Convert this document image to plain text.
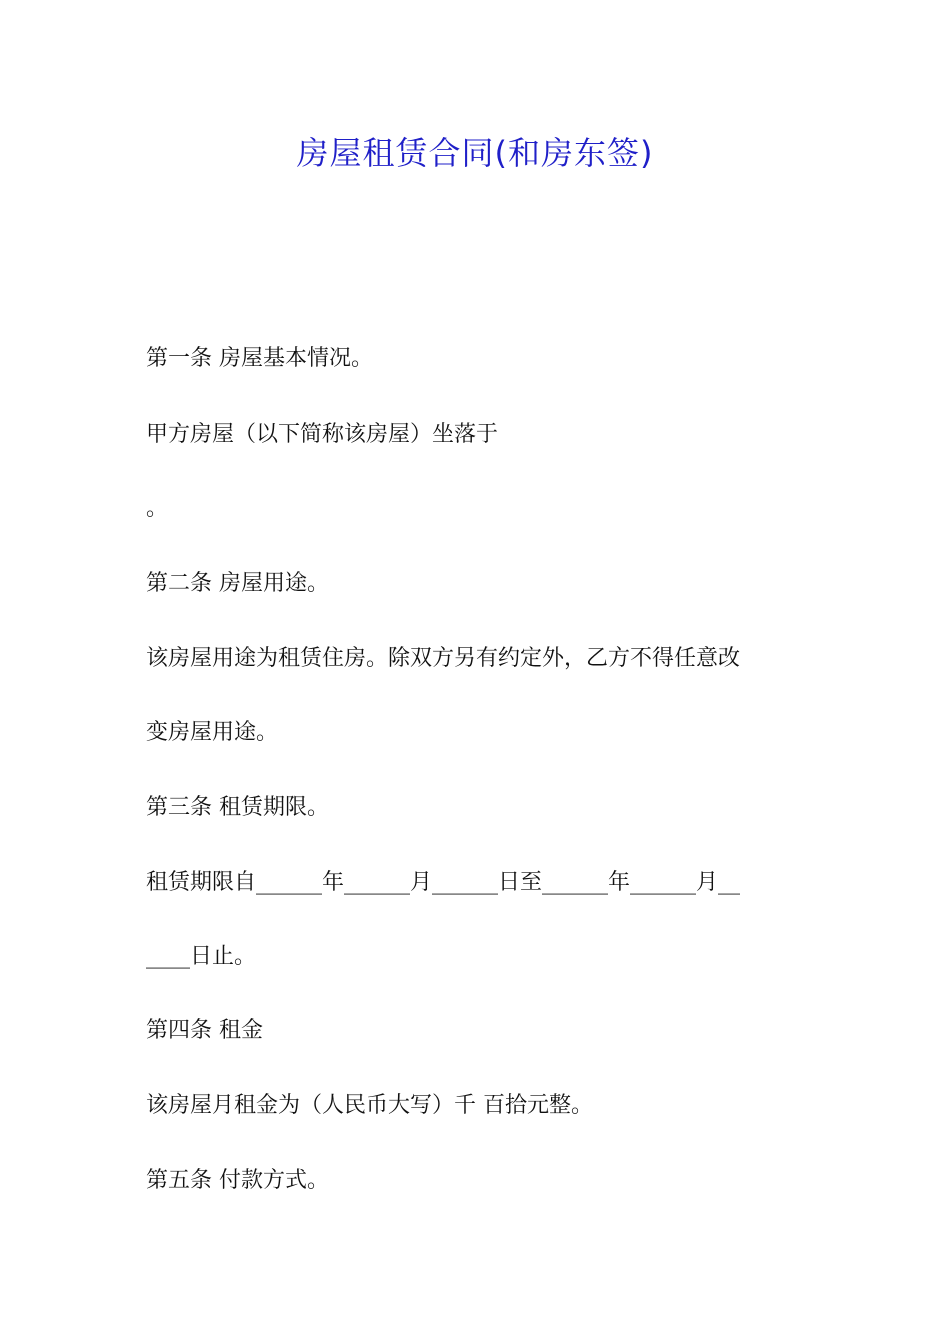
房屋租赁合同(和房东签)
第一条 房屋基本情况。
甲方房屋（以下简称该房屋）坐落于
。
第二条 房屋用途。
该房屋用途为租赁住房。除双方另有约定外，乙方不得任意改
变房屋用途。
第三条 租赁期限。
租赁期限自______年______月______日至______年______月__
____日止。
第四条 租金
该房屋月租金为（人民币大写）千 百拾元整。
第五条 付款方式。
